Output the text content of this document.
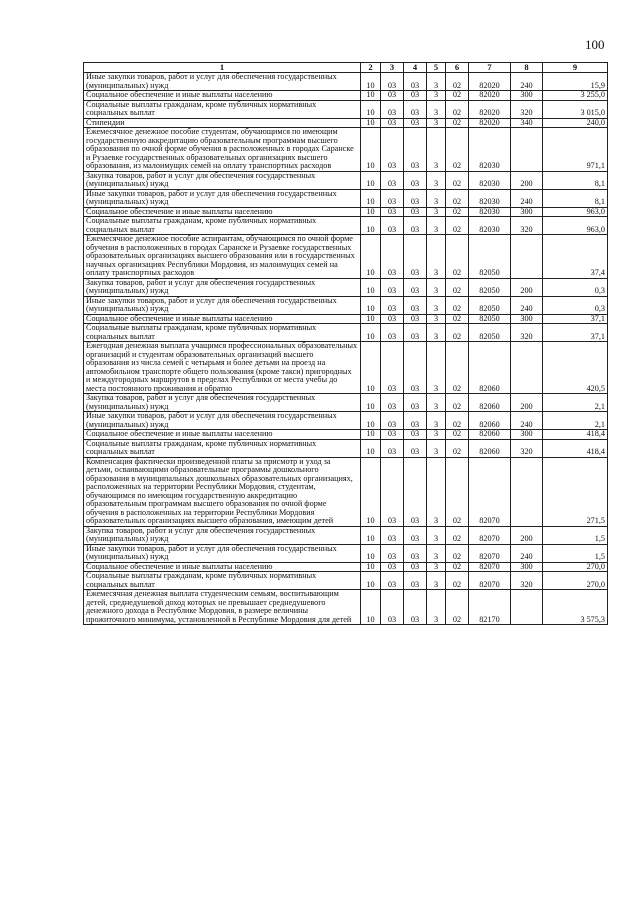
100
1	2	3	4	5	6	7	8	9
Иные закупки товаров, работ и услуг для обеспечения государственных (муниципальных) нужд	10	03	03	3	02	82020	240	15,9
Социальное обеспечение и иные выплаты населению	10	03	03	3	02	82020	300	3 255,0
Социальные выплаты гражданам, кроме публичных нормативных социальных выплат	10	03	03	3	02	82020	320	3 015,0
Стипендии	10	03	03	3	02	82020	340	240,0
Ежемесячное денежное пособие студентам, обучающимся по имеющим государственную аккредитацию образовательным программам высшего образования по очной форме обучения в расположенных в городах Саранске и Рузаевке государственных образовательных организациях высшего образования, из малоимущих семей на оплату транспортных расходов	10	03	03	3	02	82030		971,1
Закупка товаров, работ и услуг для обеспечения государственных (муниципальных) нужд	10	03	03	3	02	82030	200	8,1
Иные закупки товаров, работ и услуг для обеспечения государственных (муниципальных) нужд	10	03	03	3	02	82030	240	8,1
Социальное обеспечение и иные выплаты населению	10	03	03	3	02	82030	300	963,0
Социальные выплаты гражданам, кроме публичных нормативных социальных выплат	10	03	03	3	02	82030	320	963,0
Ежемесячное денежное пособие аспирантам, обучающимся по очной форме обучения в расположенных в городах Саранске и Рузаевке государственных образовательных организациях высшего образования или в государственных научных организациях Республики Мордовия, из малоимущих семей на оплату транспортных расходов	10	03	03	3	02	82050		37,4
Закупка товаров, работ и услуг для обеспечения государственных (муниципальных) нужд	10	03	03	3	02	82050	200	0,3
Иные закупки товаров, работ и услуг для обеспечения государственных (муниципальных) нужд	10	03	03	3	02	82050	240	0,3
Социальное обеспечение и иные выплаты населению	10	03	03	3	02	82050	300	37,1
Социальные выплаты гражданам, кроме публичных нормативных социальных выплат	10	03	03	3	02	82050	320	37,1
Ежегодная денежная выплата учащимся профессиональных образовательных организаций и студентам образовательных организаций высшего образования из числа семей с четырьмя и более детьми на проезд на автомобильном транспорте общего пользования (кроме такси) пригородных и междугородных маршрутов в пределах Республики от места учебы до места постоянного проживания и обратно	10	03	03	3	02	82060		420,5
Закупка товаров, работ и услуг для обеспечения государственных (муниципальных) нужд	10	03	03	3	02	82060	200	2,1
Иные закупки товаров, работ и услуг для обеспечения государственных (муниципальных) нужд	10	03	03	3	02	82060	240	2,1
Социальное обеспечение и иные выплаты населению	10	03	03	3	02	82060	300	418,4
Социальные выплаты гражданам, кроме публичных нормативных социальных выплат	10	03	03	3	02	82060	320	418,4
Компенсация фактически произведенной платы за присмотр и уход за детьми, осваивающими образовательные программы дошкольного образования в муниципальных дошкольных образовательных организациях, расположенных на территории Республики Мордовия, студентам, обучающимся по имеющим государственную аккредитацию образовательным программам высшего образования по очной форме обучения в расположенных на территории Республики Мордовия образовательных организациях высшего образования, имеющим детей	10	03	03	3	02	82070		271,5
Закупка товаров, работ и услуг для обеспечения государственных (муниципальных) нужд	10	03	03	3	02	82070	200	1,5
Иные закупки товаров, работ и услуг для обеспечения государственных (муниципальных) нужд	10	03	03	3	02	82070	240	1,5
Социальное обеспечение и иные выплаты населению	10	03	03	3	02	82070	300	270,0
Социальные выплаты гражданам, кроме публичных нормативных социальных выплат	10	03	03	3	02	82070	320	270,0
Ежемесячная денежная выплата студенческим семьям, воспитывающим детей, среднедушевой доход которых не превышает среднедушевого денежного дохода в Республике Мордовия, в размере величины прожиточного минимума, установленной в Республике Мордовия для детей	10	03	03	3	02	82170		3 575,3
